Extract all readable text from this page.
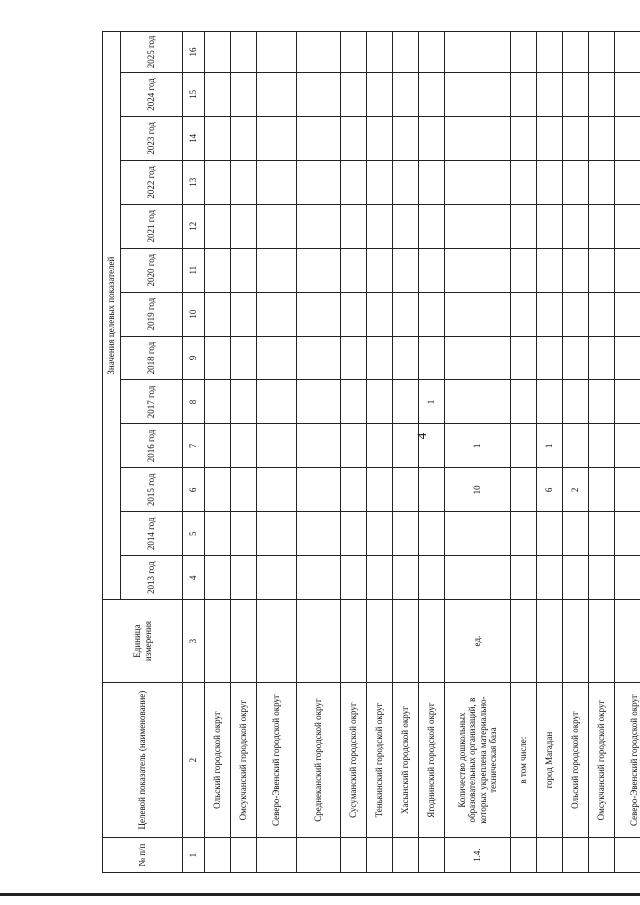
4
№ п/п	Целевой показатель (наименование)	Единица измерения	Значения целевых показателей												
			2013 год	2014 год	2015 год	2016 год	2017 год	2018 год	2019 год	2020 год	2021 год	2022 год	2023 год	2024 год	2025 год
1	2	3	4	5	6	7	8	9	10	11	12	13	14	15	16
	Ольский городской округ														
	Омсукчанский городской округ														
	Северо-Эвенский городской округ														
	Среднеканский городской округ														
	Сусуманский городской округ														
	Тенькинский городской округ														
	Хасынский городской округ														
	Ягоднинский городской округ						1								
1.4.	Количество дошкольных образовательных организаций, в которых укреплена материально-техническая база	ед.			10	1									
	в том числе:														
	город Магадан				6	1									
	Ольский городской округ				2										
	Омсукчанский городской округ														
	Северо-Эвенский городской округ														
